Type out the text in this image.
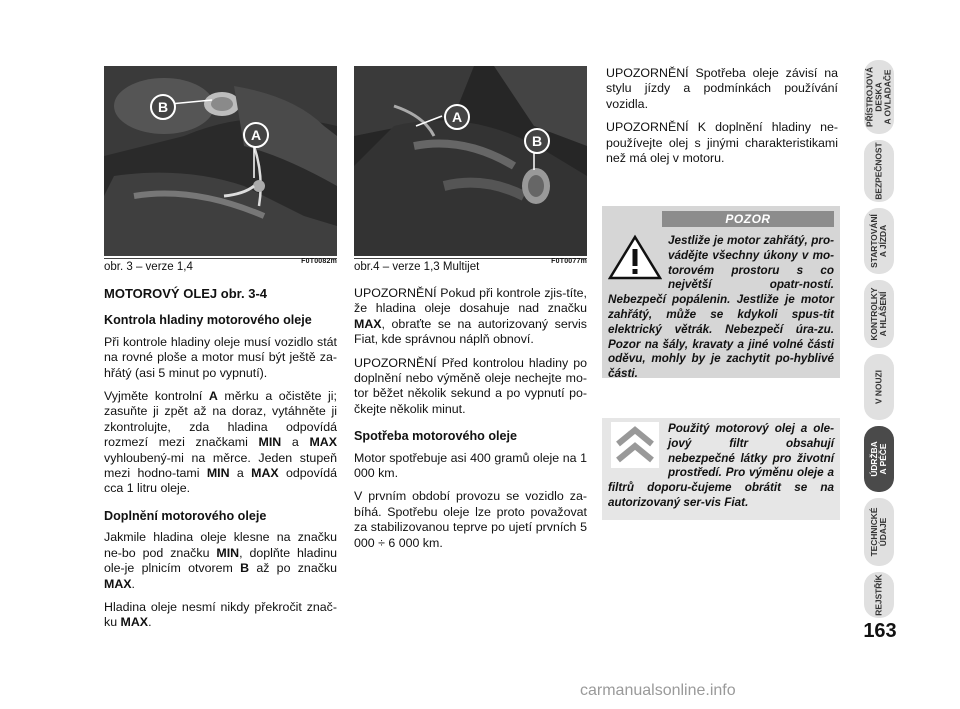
A
B
obr. 3 – verze 1,4	F0T0082m
A
B
obr.4 – verze 1,3 Multijet	F0T0077m
MOTOROVÝ OLEJ obr. 3-4
Kontrola hladiny motorového oleje

Při kontrole hladiny oleje musí vozidlo stát na rovné ploše a motor musí být ještě za-hřátý (asi 5 minut po vypnutí).

Vyjměte kontrolní A měrku a očistěte ji; zasuňte ji zpět až na doraz, vytáhněte ji zkontrolujte, zda hladina odpovídá rozmezí mezi značkami MIN a MAX vyhloubený-mi na měrce. Jeden stupeň mezi hodno-tami MIN a MAX odpovídá cca 1 litru oleje.

Doplnění motorového oleje

Jakmile hladina oleje klesne na značku ne-bo pod značku MIN, doplňte hladinu ole-je plnicím otvorem B až po značku MAX.

Hladina oleje nesmí nikdy překročit znač-ku MAX.

UPOZORNĚNÍ Pokud při kontrole zjis-títe, že hladina oleje dosahuje nad značku MAX, obraťte se na autorizovaný servis Fiat, kde správnou náplň obnoví.

UPOZORNĚNÍ Před kontrolou hladiny po doplnění nebo výměně oleje nechejte mo-tor běžet několik sekund a po vypnutí po-čkejte několik minut.

Spotřeba motorového oleje

Motor spotřebuje asi 400 gramů oleje na 1 000 km.

V prvním období provozu se vozidlo za-bíhá. Spotřebu oleje lze proto považovat za stabilizovanou teprve po ujetí prvních 5 000 ÷ 6 000 km.

UPOZORNĚNÍ Spotřeba oleje závisí na stylu jízdy a podmínkách používání vozidla.

UPOZORNĚNÍ K doplnění hladiny ne-používejte olej s jinými charakteristikami než má olej v motoru.

POZOR
Jestliže je motor zahřátý, pro-vádějte všechny úkony v mo-torovém prostoru s co největší opatr-ností. Nebezpečí popálenin. Jestliže je motor zahřátý, může se kdykoli spus-tit elektrický větrák. Nebezpečí úra-zu. Pozor na šály, kravaty a jiné volné části oděvu, mohly by je zachytit po-hyblivé části.
Použitý motorový olej a ole-jový filtr obsahují nebezpečné látky pro životní prostředí. Pro výměnu oleje a filtrů doporu-čujeme obrátit se na autorizovaný ser-vis Fiat.
PŘÍSTROJOVÁ
DESKA
A OVLADAČE
BEZPEČNOST
STARTOVÁNÍ
A JÍZDA
KONTROLKY
A HLÁŠENÍ
V NOUZI
ÚDRŽBA
A PÉČE
TECHNICKÉ
ÚDAJE
REJSTŘÍK
163
carmanualsonline.info
